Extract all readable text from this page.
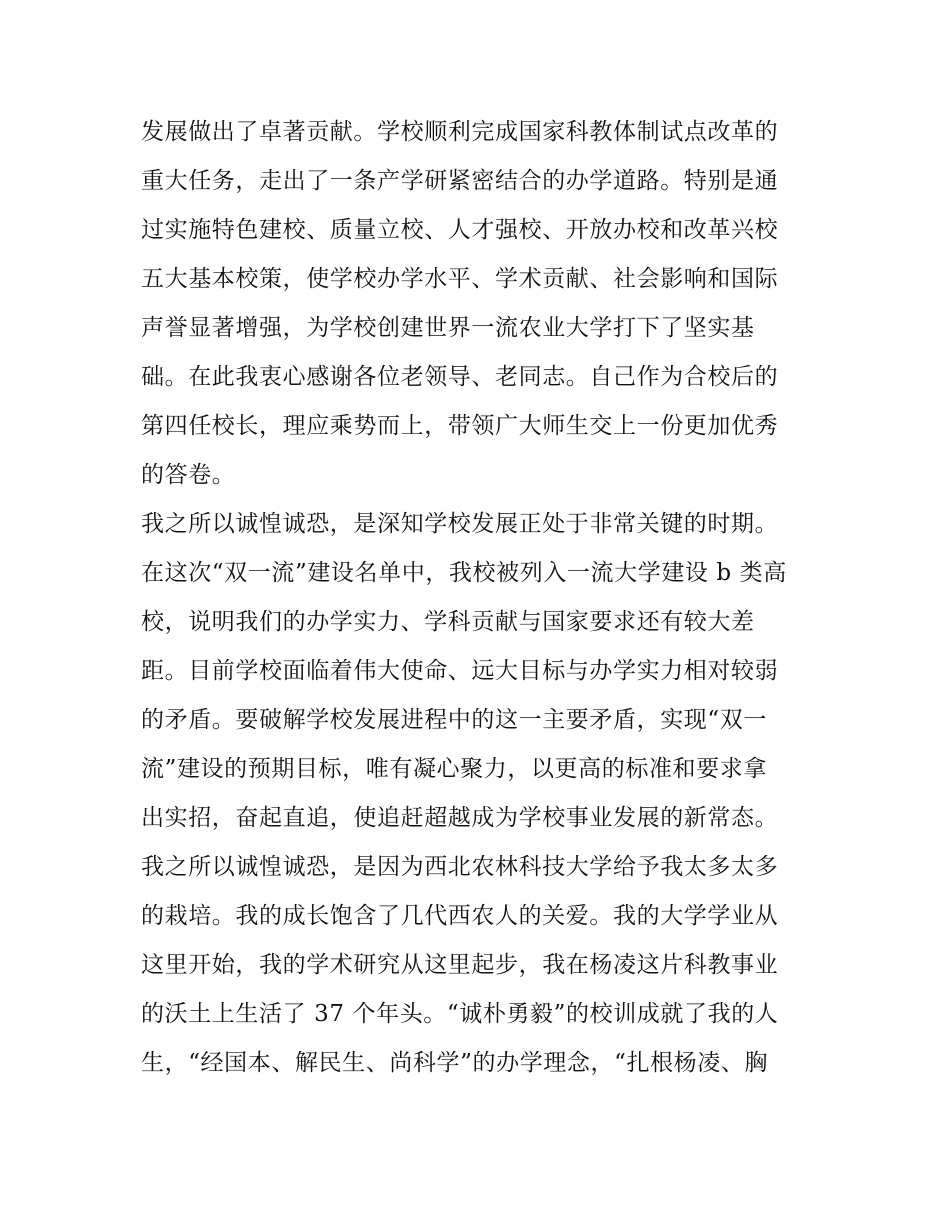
发展做出了卓著贡献。学校顺利完成国家科教体制试点改革的
重大任务，走出了一条产学研紧密结合的办学道路。特别是通
过实施特色建校、质量立校、人才强校、开放办校和改革兴校
五大基本校策，使学校办学水平、学术贡献、社会影响和国际
声誉显著增强，为学校创建世界一流农业大学打下了坚实基
础。在此我衷心感谢各位老领导、老同志。自己作为合校后的
第四任校长，理应乘势而上，带领广大师生交上一份更加优秀
的答卷。
我之所以诚惶诚恐，是深知学校发展正处于非常关键的时期。
在这次“双一流”建设名单中，我校被列入一流大学建设 b 类高
校，说明我们的办学实力、学科贡献与国家要求还有较大差
距。目前学校面临着伟大使命、远大目标与办学实力相对较弱
的矛盾。要破解学校发展进程中的这一主要矛盾，实现“双一
流”建设的预期目标，唯有凝心聚力，以更高的标准和要求拿
出实招，奋起直追，使追赶超越成为学校事业发展的新常态。
我之所以诚惶诚恐，是因为西北农林科技大学给予我太多太多
的栽培。我的成长饱含了几代西农人的关爱。我的大学学业从
这里开始，我的学术研究从这里起步，我在杨凌这片科教事业
的沃土上生活了 37 个年头。“诚朴勇毅”的校训成就了我的人
生，“经国本、解民生、尚科学”的办学理念，“扎根杨凌、胸
